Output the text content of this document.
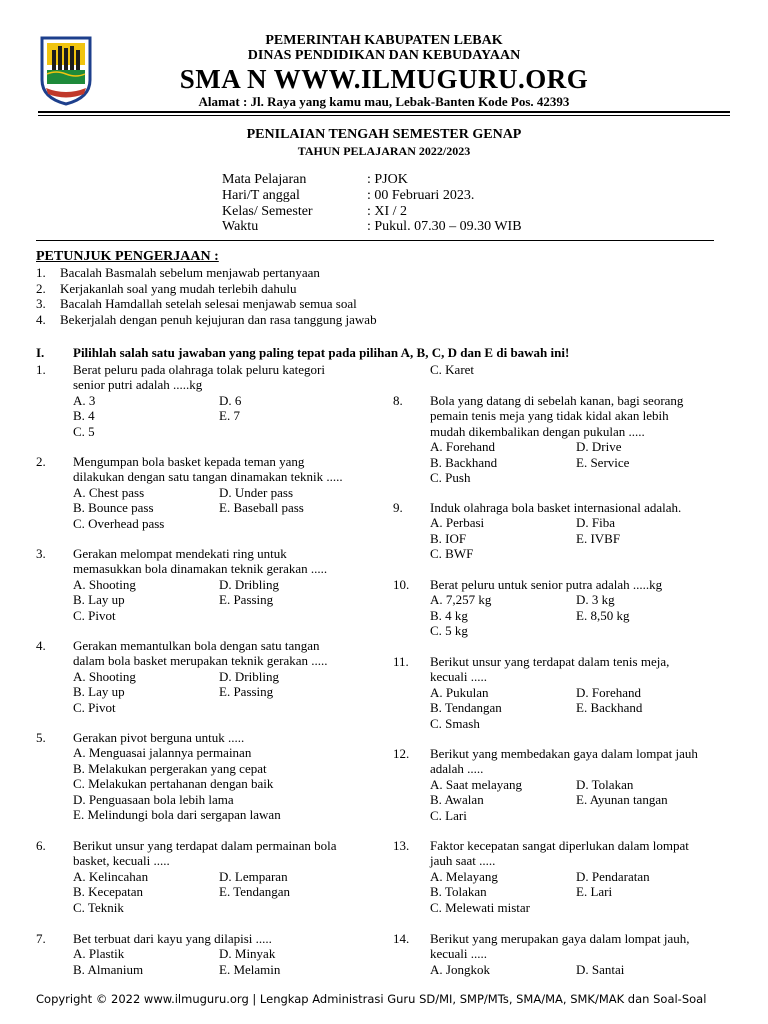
PEMERINTAH KABUPATEN LEBAK
DINAS PENDIDIKAN DAN KEBUDAYAAN
SMA N WWW.ILMUGURU.ORG
Alamat : Jl. Raya yang kamu mau, Lebak-Banten Kode Pos. 42393
PENILAIAN TENGAH SEMESTER GENAP
TAHUN PELAJARAN 2022/2023
Mata Pelajaran	: PJOK
Hari/T anggal	: 00 Februari 2023.
Kelas/ Semester	: XI / 2
Waktu	: Pukul. 07.30 – 09.30 WIB
PETUNJUK PENGERJAAN :
1. Bacalah Basmalah sebelum menjawab pertanyaan
2. Kerjakanlah soal yang mudah terlebih dahulu
3. Bacalah Hamdallah setelah selesai menjawab semua soal
4. Bekerjalah dengan penuh kejujuran dan rasa tanggung jawab
I. Pilihlah salah satu jawaban yang paling tepat pada pilihan A, B, C, D dan E di bawah ini!
1. Berat peluru pada olahraga tolak peluru kategori
senior putri adalah .....kg
A. 3	D. 6
B. 4	E. 7
C. 5
2. Mengumpan bola basket kepada teman yang
dilakukan dengan satu tangan dinamakan teknik .....
A. Chest pass	D. Under pass
B. Bounce pass	E. Baseball pass
C. Overhead pass
3. Gerakan melompat mendekati ring untuk
memasukkan bola dinamakan teknik gerakan .....
A. Shooting	D. Dribling
B. Lay up	E. Passing
C. Pivot
4. Gerakan memantulkan bola dengan satu tangan
dalam bola basket merupakan teknik gerakan .....
A. Shooting	D. Dribling
B. Lay up	E. Passing
C. Pivot
5. Gerakan pivot berguna untuk .....
A. Menguasai jalannya permainan
B. Melakukan pergerakan yang cepat
C. Melakukan pertahanan dengan baik
D. Penguasaan bola lebih lama
E. Melindungi bola dari sergapan lawan
6. Berikut unsur yang terdapat dalam permainan bola
basket, kecuali .....
A. Kelincahan	D. Lemparan
B. Kecepatan	E. Tendangan
C. Teknik
7. Bet terbuat dari kayu yang dilapisi .....
A. Plastik	D. Minyak
B. Almanium	E. Melamin
C. Karet
8. Bola yang datang di sebelah kanan, bagi seorang
pemain tenis meja yang tidak kidal akan lebih
mudah dikembalikan dengan pukulan .....
A. Forehand	D. Drive
B. Backhand	E. Service
C. Push
9. Induk olahraga bola basket internasional adalah.
A. Perbasi	D. Fiba
B. IOF	E. IVBF
C. BWF
10. Berat peluru untuk senior putra adalah .....kg
A. 7,257 kg	D. 3 kg
B. 4 kg	E. 8,50 kg
C. 5 kg
11. Berikut unsur yang terdapat dalam tenis meja,
kecuali .....
A. Pukulan	D. Forehand
B. Tendangan	E. Backhand
C. Smash
12. Berikut yang membedakan gaya dalam lompat jauh
adalah .....
A. Saat melayang	D. Tolakan
B. Awalan	E. Ayunan tangan
C. Lari
13. Faktor kecepatan sangat diperlukan dalam lompat
jauh saat .....
A. Melayang	D. Pendaratan
B. Tolakan	E. Lari
C. Melewati mistar
14. Berikut yang merupakan gaya dalam lompat jauh,
kecuali .....
A. Jongkok	D. Santai
Copyright © 2022 www.ilmuguru.org | Lengkap Administrasi Guru SD/MI, SMP/MTs, SMA/MA, SMK/MAK dan Soal-Soal
